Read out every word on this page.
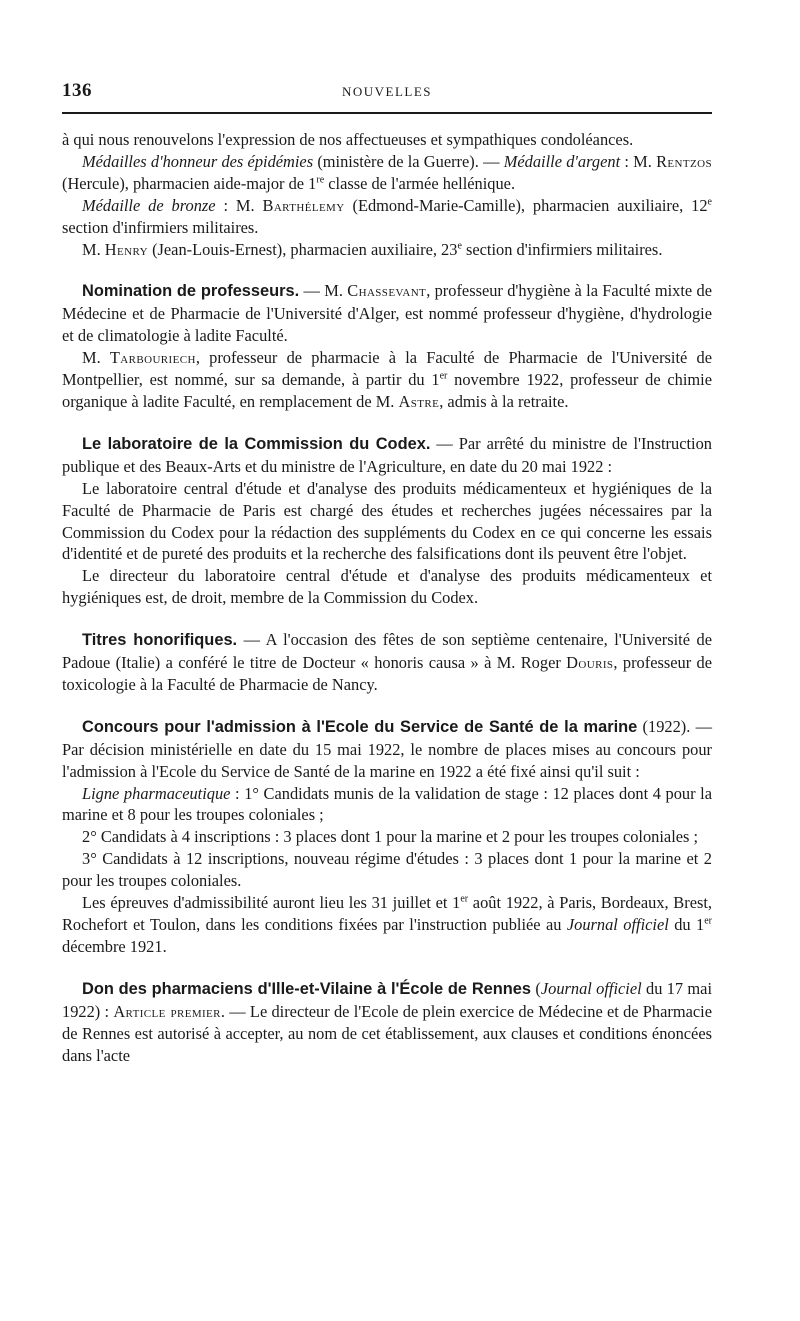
136	NOUVELLES

à qui nous renouvelons l'expression de nos affectueuses et sympathiques condoléances.

Médailles d'honneur des épidémies (ministère de la Guerre). — Médaille d'argent : M. Rentzos (Hercule), pharmacien aide-major de 1re classe de l'armée hellénique.

Médaille de bronze : M. Barthélemy (Edmond-Marie-Camille), pharmacien auxiliaire, 12e section d'infirmiers militaires.

M. Henry (Jean-Louis-Ernest), pharmacien auxiliaire, 23e section d'infirmiers militaires.

Nomination de professeurs. — M. Chassevant, professeur d'hygiène à la Faculté mixte de Médecine et de Pharmacie de l'Université d'Alger, est nommé professeur d'hygiène, d'hydrologie et de climatologie à ladite Faculté.

M. Tarbouriech, professeur de pharmacie à la Faculté de Pharmacie de l'Université de Montpellier, est nommé, sur sa demande, à partir du 1er novembre 1922, professeur de chimie organique à ladite Faculté, en remplacement de M. Astre, admis à la retraite.

Le laboratoire de la Commission du Codex. — Par arrêté du ministre de l'Instruction publique et des Beaux-Arts et du ministre de l'Agriculture, en date du 20 mai 1922 :

Le laboratoire central d'étude et d'analyse des produits médicamenteux et hygiéniques de la Faculté de Pharmacie de Paris est chargé des études et recherches jugées nécessaires par la Commission du Codex pour la rédaction des suppléments du Codex en ce qui concerne les essais d'identité et de pureté des produits et la recherche des falsifications dont ils peuvent être l'objet.

Le directeur du laboratoire central d'étude et d'analyse des produits médicamenteux et hygiéniques est, de droit, membre de la Commission du Codex.

Titres honorifiques. — A l'occasion des fêtes de son septième centenaire, l'Université de Padoue (Italie) a conféré le titre de Docteur « honoris causa » à M. Roger Douris, professeur de toxicologie à la Faculté de Pharmacie de Nancy.

Concours pour l'admission à l'Ecole du Service de Santé de la marine (1922). — Par décision ministérielle en date du 15 mai 1922, le nombre de places mises au concours pour l'admission à l'Ecole du Service de Santé de la marine en 1922 a été fixé ainsi qu'il suit :

Ligne pharmaceutique : 1° Candidats munis de la validation de stage : 12 places dont 4 pour la marine et 8 pour les troupes coloniales ;

2° Candidats à 4 inscriptions : 3 places dont 1 pour la marine et 2 pour les troupes coloniales ;

3° Candidats à 12 inscriptions, nouveau régime d'études : 3 places dont 1 pour la marine et 2 pour les troupes coloniales.

Les épreuves d'admissibilité auront lieu les 31 juillet et 1er août 1922, à Paris, Bordeaux, Brest, Rochefort et Toulon, dans les conditions fixées par l'instruction publiée au Journal officiel du 1er décembre 1921.

Don des pharmaciens d'Ille-et-Vilaine à l'École de Rennes (Journal officiel du 17 mai 1922) : Article premier. — Le directeur de l'Ecole de plein exercice de Médecine et de Pharmacie de Rennes est autorisé à accepter, au nom de cet établissement, aux clauses et conditions énoncées dans l'acte
